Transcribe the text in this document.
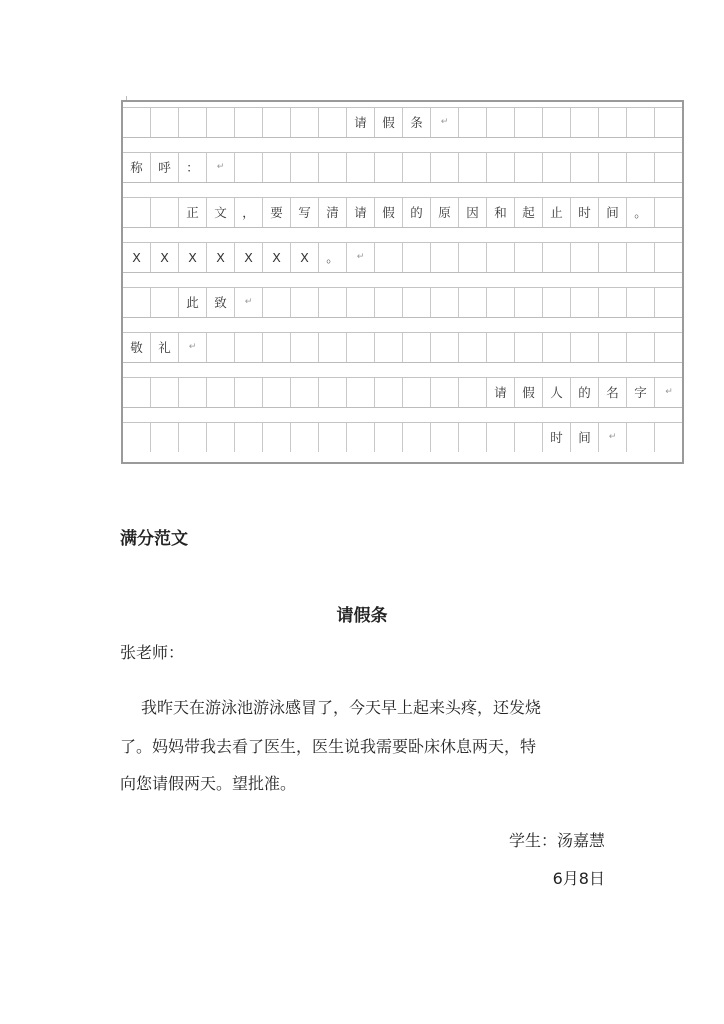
请	假	条	↵
称	呼	：	↵
正	文	，	要	写	清	请	假	的	原	因	和	起	止	时	间	。
X	X	X	X	X	X	X	。	↵
此	致	↵
敬	礼	↵
请	假	人	的	名	字	↵
时	间	↵
满分范文
请假条
张老师：
我昨天在游泳池游泳感冒了，今天早上起来头疼，还发烧
了。妈妈带我去看了医生，医生说我需要卧床休息两天，特
向您请假两天。望批准。
学生：汤嘉慧
6月8日
